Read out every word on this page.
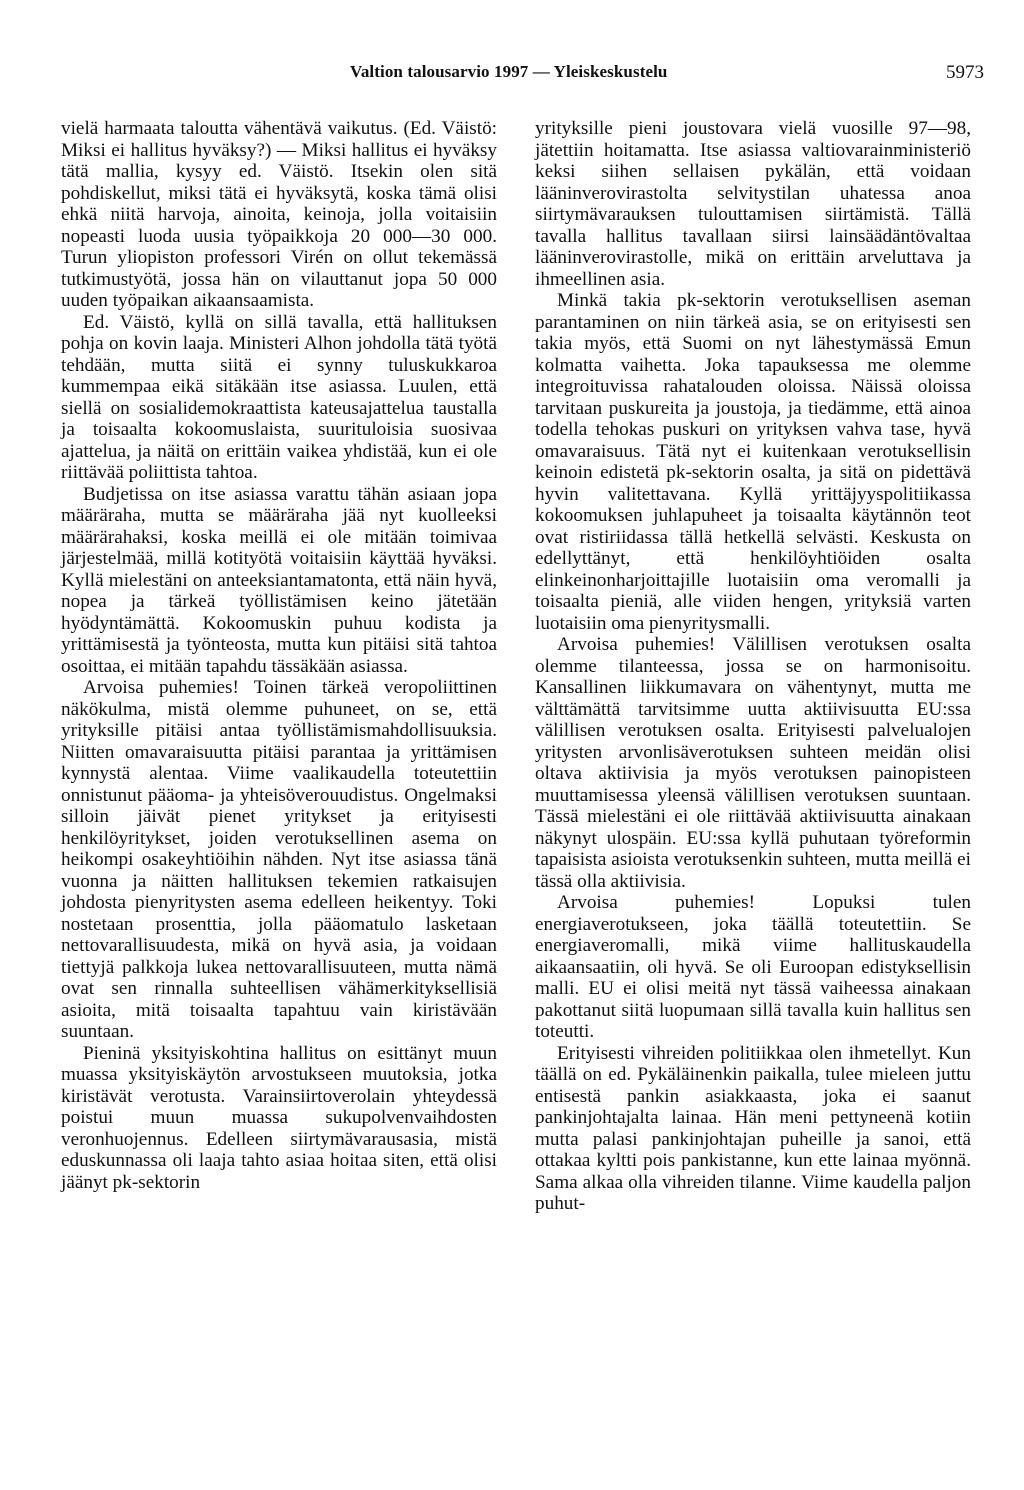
Valtion talousarvio 1997 — Yleiskeskustelu	5973

vielä harmaata taloutta vähentävä vaikutus. (Ed. Väistö: Miksi ei hallitus hyväksy?) — Miksi hallitus ei hyväksy tätä mallia, kysyy ed. Väistö. Itsekin olen sitä pohdiskellut, miksi tätä ei hyväksytä, koska tämä olisi ehkä niitä harvoja, ainoita, keinoja, jolla voitaisiin nopeasti luoda uusia työpaikkoja 20 000—30 000. Turun yliopiston professori Virén on ollut tekemässä tutkimustyötä, jossa hän on vilauttanut jopa 50 000 uuden työpaikan aikaansaamista.

Ed. Väistö, kyllä on sillä tavalla, että hallituksen pohja on kovin laaja. Ministeri Alhon johdolla tätä työtä tehdään, mutta siitä ei synny tuluskukkaroa kummempaa eikä sitäkään itse asiassa. Luulen, että siellä on sosialidemokraattista kateusajattelua taustalla ja toisaalta kokoomuslaista, suurituloisia suosivaa ajattelua, ja näitä on erittäin vaikea yhdistää, kun ei ole riittävää poliittista tahtoa.

Budjetissa on itse asiassa varattu tähän asiaan jopa määräraha, mutta se määräraha jää nyt kuolleeksi määrärahaksi, koska meillä ei ole mitään toimivaa järjestelmää, millä kotityötä voitaisiin käyttää hyväksi. Kyllä mielestäni on anteeksiantamatonta, että näin hyvä, nopea ja tärkeä työllistämisen keino jätetään hyödyntämättä. Kokoomuskin puhuu kodista ja yrittämisestä ja työnteosta, mutta kun pitäisi sitä tahtoa osoittaa, ei mitään tapahdu tässäkään asiassa.

Arvoisa puhemies! Toinen tärkeä veropoliittinen näkökulma, mistä olemme puhuneet, on se, että yrityksille pitäisi antaa työllistämismahdollisuuksia. Niitten omavaraisuutta pitäisi parantaa ja yrittämisen kynnystä alentaa. Viime vaalikaudella toteutettiin onnistunut pääoma- ja yhteisöverouudistus. Ongelmaksi silloin jäivät pienet yritykset ja erityisesti henkilöyritykset, joiden verotuksellinen asema on heikompi osakeyhtiöihin nähden. Nyt itse asiassa tänä vuonna ja näitten hallituksen tekemien ratkaisujen johdosta pienyritysten asema edelleen heikentyy. Toki nostetaan prosenttia, jolla pääomatulo lasketaan nettovarallisuudesta, mikä on hyvä asia, ja voidaan tiettyjä palkkoja lukea nettovarallisuuteen, mutta nämä ovat sen rinnalla suhteellisen vähämerkityksellisiä asioita, mitä toisaalta tapahtuu vain kiristävään suuntaan.

Pieninä yksityiskohtina hallitus on esittänyt muun muassa yksityiskäytön arvostukseen muutoksia, jotka kiristävät verotusta. Varainsiirtoverolain yhteydessä poistui muun muassa sukupolvenvaihdosten veronhuojennus. Edelleen siirtymävarausasia, mistä eduskunnassa oli laaja tahto asiaa hoitaa siten, että olisi jäänyt pk-sektorin

yrityksille pieni joustovara vielä vuosille 97—98, jätettiin hoitamatta. Itse asiassa valtiovarainministeriö keksi siihen sellaisen pykälän, että voidaan lääninverovirastolta selvitystilan uhatessa anoa siirtymävarauksen tulouttamisen siirtämistä. Tällä tavalla hallitus tavallaan siirsi lainsäädäntövaltaa lääninverovirastolle, mikä on erittäin arveluttava ja ihmeellinen asia.

Minkä takia pk-sektorin verotuksellisen aseman parantaminen on niin tärkeä asia, se on erityisesti sen takia myös, että Suomi on nyt lähestymässä Emun kolmatta vaihetta. Joka tapauksessa me olemme integroituvissa rahatalouden oloissa. Näissä oloissa tarvitaan puskureita ja joustoja, ja tiedämme, että ainoa todella tehokas puskuri on yrityksen vahva tase, hyvä omavaraisuus. Tätä nyt ei kuitenkaan verotuksellisin keinoin edistetä pk-sektorin osalta, ja sitä on pidettävä hyvin valitettavana. Kyllä yrittäjyyspolitiikassa kokoomuksen juhlapuheet ja toisaalta käytännön teot ovat ristiriidassa tällä hetkellä selvästi. Keskusta on edellyttänyt, että henkilöyhtiöiden osalta elinkeinonharjoittajille luotaisiin oma veromalli ja toisaalta pieniä, alle viiden hengen, yrityksiä varten luotaisiin oma pienyritysmalli.

Arvoisa puhemies! Välillisen verotuksen osalta olemme tilanteessa, jossa se on harmonisoitu. Kansallinen liikkumavara on vähentynyt, mutta me välttämättä tarvitsimme uutta aktiivisuutta EU:ssa välillisen verotuksen osalta. Erityisesti palvelualojen yritysten arvonlisäverotuksen suhteen meidän olisi oltava aktiivisia ja myös verotuksen painopisteen muuttamisessa yleensä välillisen verotuksen suuntaan. Tässä mielestäni ei ole riittävää aktiivisuutta ainakaan näkynyt ulospäin. EU:ssa kyllä puhutaan työreformin tapaisista asioista verotuksenkin suhteen, mutta meillä ei tässä olla aktiivisia.

Arvoisa puhemies! Lopuksi tulen energiaverotukseen, joka täällä toteutettiin. Se energiaveromalli, mikä viime hallituskaudella aikaansaatiin, oli hyvä. Se oli Euroopan edistyksellisin malli. EU ei olisi meitä nyt tässä vaiheessa ainakaan pakottanut siitä luopumaan sillä tavalla kuin hallitus sen toteutti.

Erityisesti vihreiden politiikkaa olen ihmetellyt. Kun täällä on ed. Pykäläinenkin paikalla, tulee mieleen juttu entisestä pankin asiakkaasta, joka ei saanut pankinjohtajalta lainaa. Hän meni pettyneenä kotiin mutta palasi pankinjohtajan puheille ja sanoi, että ottakaa kyltti pois pankistanne, kun ette lainaa myönnä. Sama alkaa olla vihreiden tilanne. Viime kaudella paljon puhut-
